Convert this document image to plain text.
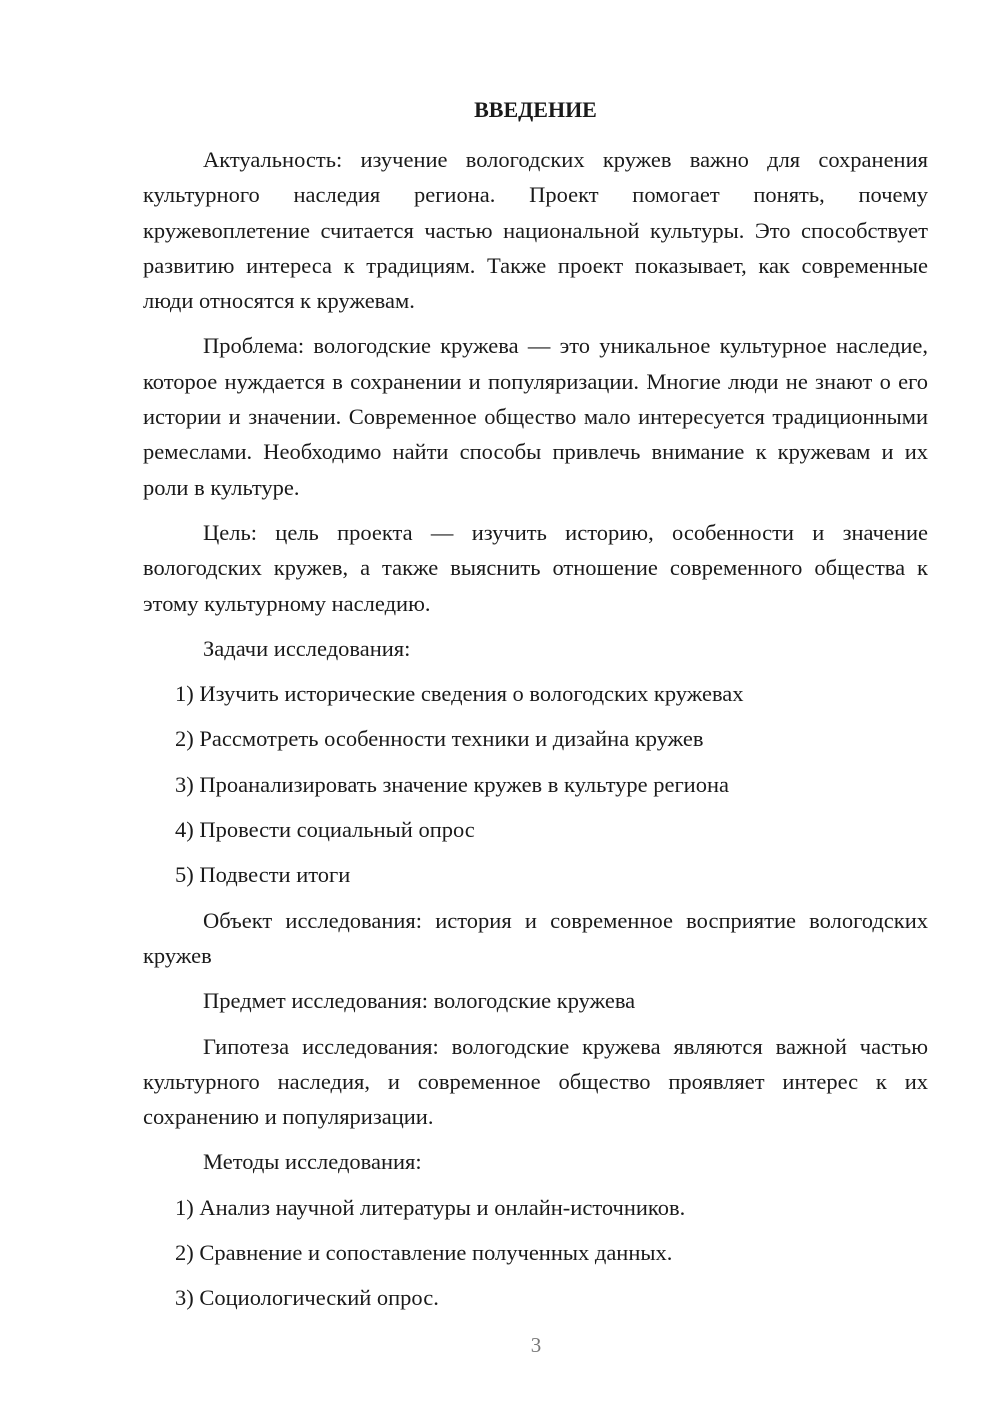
ВВЕДЕНИЕ

Актуальность: изучение вологодских кружев важно для сохранения культурного наследия региона. Проект помогает понять, почему кружевоплетение считается частью национальной культуры. Это способствует развитию интереса к традициям. Также проект показывает, как современные люди относятся к кружевам.

Проблема: вологодские кружева — это уникальное культурное наследие, которое нуждается в сохранении и популяризации. Многие люди не знают о его истории и значении. Современное общество мало интересуется традиционными ремеслами. Необходимо найти способы привлечь внимание к кружевам и их роли в культуре.

Цель: цель проекта — изучить историю, особенности и значение вологодских кружев, а также выяснить отношение современного общества к этому культурному наследию.

Задачи исследования:

1) Изучить исторические сведения о вологодских кружевах

2) Рассмотреть особенности техники и дизайна кружев

3) Проанализировать значение кружев в культуре региона

4) Провести социальный опрос

5) Подвести итоги

Объект исследования: история и современное восприятие вологодских кружев

Предмет исследования: вологодские кружева

Гипотеза исследования: вологодские кружева являются важной частью культурного наследия, и современное общество проявляет интерес к их сохранению и популяризации.

Методы исследования:

1) Анализ научной литературы и онлайн-источников.

2) Сравнение и сопоставление полученных данных.

3) Социологический опрос.

3
